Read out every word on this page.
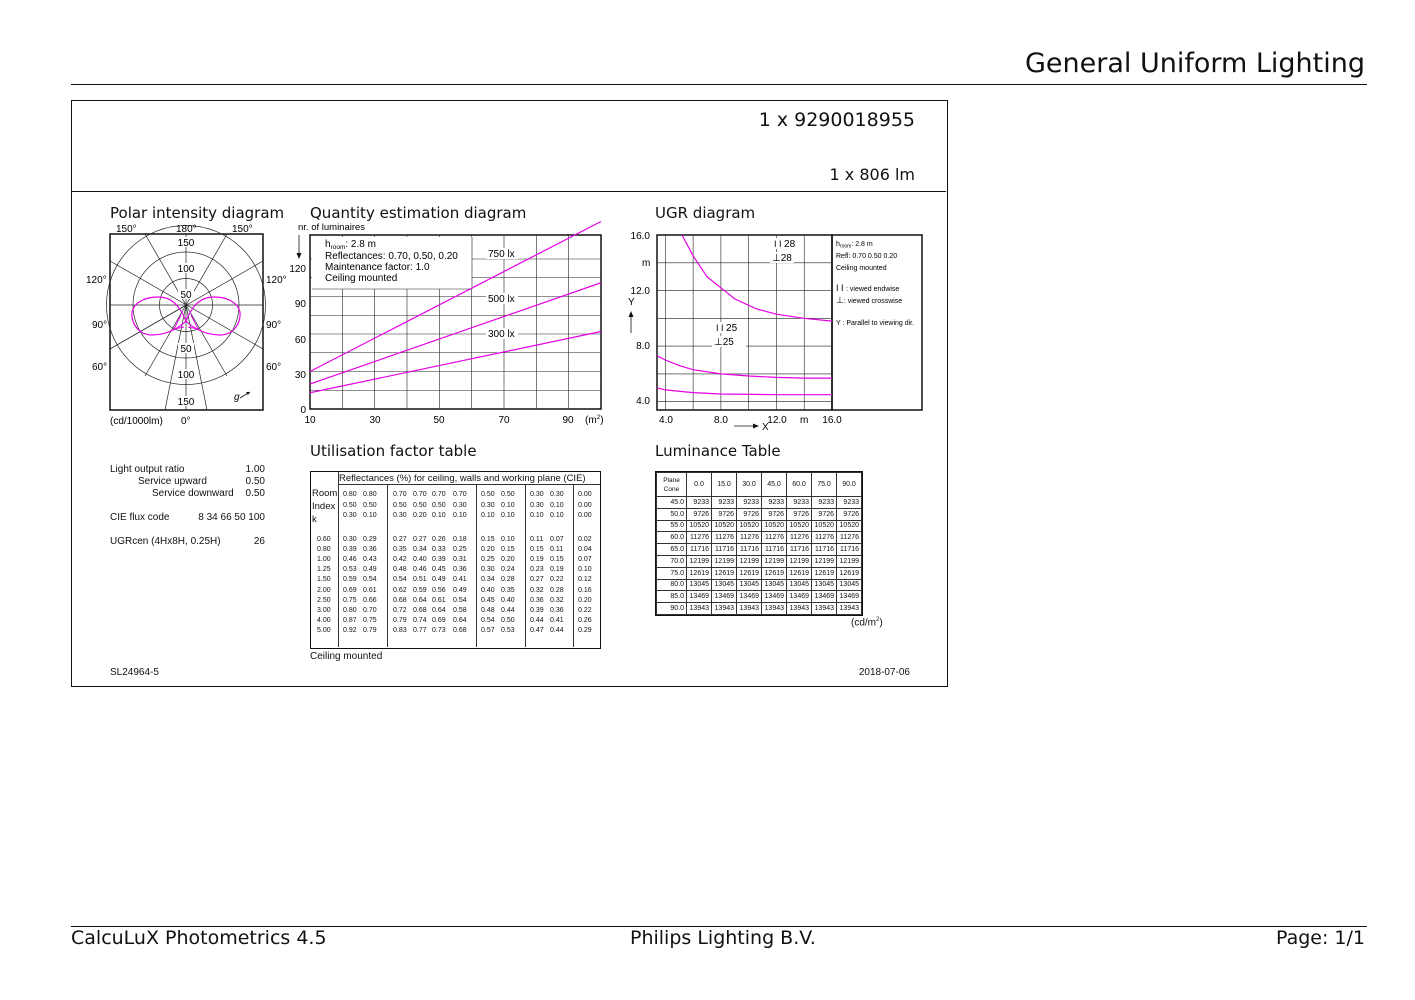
General Uniform Lighting
1 x 9290018955
1 x 806 lm
Polar intensity diagram
150°	180°	150°
120°	120°
90°	90°
60°	60°
150
100
50
50
100
150	g
(cd/1000lm) 0°
Quantity estimation diagram
nr. of luminaires
$h_{room}$: 2.8 m
Reflectances: 0.70, 0.50, 0.20
Maintenance factor: 1.0
Ceiling mounted
120
90
60
30
0
10	30	50	70	90 $(m^2)$
750 lx
500 lx
300 lx
UGR diagram
16.0
12.0
8.0
4.0
m
Y
4.0	8.0	12.0	16.0
m
X
I I 28
⊥28
I I 25
⊥25
$h_{room}$: 2.8 m
Refl: 0.70 0.50 0.20
Ceiling mounted
I I : viewed endwise
⊥: viewed crosswise
Y : Parallel to viewing dir.
Light output ratio	1.00
Service upward	0.50
Service downward 0.50
CIE flux code	8 34 66 50 100
UGRcen (4Hx8H, 0.25H)	26
Utilisation factor table
Reflectances (%) for ceiling, walls and working plane (CIE)
Room
Index
k
0.80 0.80 0.70 0.70 0.70 0.70 0.50 0.50 0.30 0.30 0.00
0.50 0.50 0.50 0.50 0.50 0.30 0.30 0.10 0.30 0.10 0.00
0.30 0.10 0.30 0.20 0.10 0.10 0.10 0.10 0.10 0.10 0.00
0.60 0.30 0.29 0.27 0.27 0.26 0.18 0.15 0.10 0.11 0.07 0.02
0.80 0.39 0.36 0.35 0.34 0.33 0.25 0.20 0.15 0.15 0.11 0.04
1.00 0.46 0.43 0.42 0.40 0.39 0.31 0.25 0.20 0.19 0.15 0.07
1.25 0.53 0.49 0.48 0.46 0.45 0.36 0.30 0.24 0.23 0.19 0.10
1.50 0.59 0.54 0.54 0.51 0.49 0.41 0.34 0.28 0.27 0.22 0.12
2.00 0.69 0.61 0.62 0.59 0.56 0.49 0.40 0.35 0.32 0.28 0.16
2.50 0.75 0.66 0.68 0.64 0.61 0.54 0.45 0.40 0.36 0.32 0.20
3.00 0.80 0.70 0.72 0.68 0.64 0.58 0.48 0.44 0.39 0.36 0.22
4.00 0.87 0.75 0.79 0.74 0.69 0.64 0.54 0.50 0.44 0.41 0.26
5.00 0.92 0.79 0.83 0.77 0.73 0.68 0.57 0.53 0.47 0.44 0.29
Ceiling mounted
Luminance Table
Plane
Cone	0.0	15.0	30.0	45.0	60.0	75.0	90.0
45.0	9233	9233	9233	9233	9233	9233	9233
50.0	9726	9726	9726	9726	9726	9726	9726
55.0	10520	10520	10520	10520	10520	10520	10520
60.0	11276	11276	11276	11276	11276	11276	11276
65.0	11716	11716	11716	11716	11716	11716	11716
70.0	12199	12199	12199	12199	12199	12199	12199
75.0	12619	12619	12619	12619	12619	12619	12619
80.0	13045	13045	13045	13045	13045	13045	13045
85.0	13469	13469	13469	13469	13469	13469	13469
90.0	13943	13943	13943	13943	13943	13943	13943
$(cd/m^2)$
SL24964-5	2018-07-06
CalcuLuX Photometrics 4.5	Philips Lighting B.V.	Page: 1/1
